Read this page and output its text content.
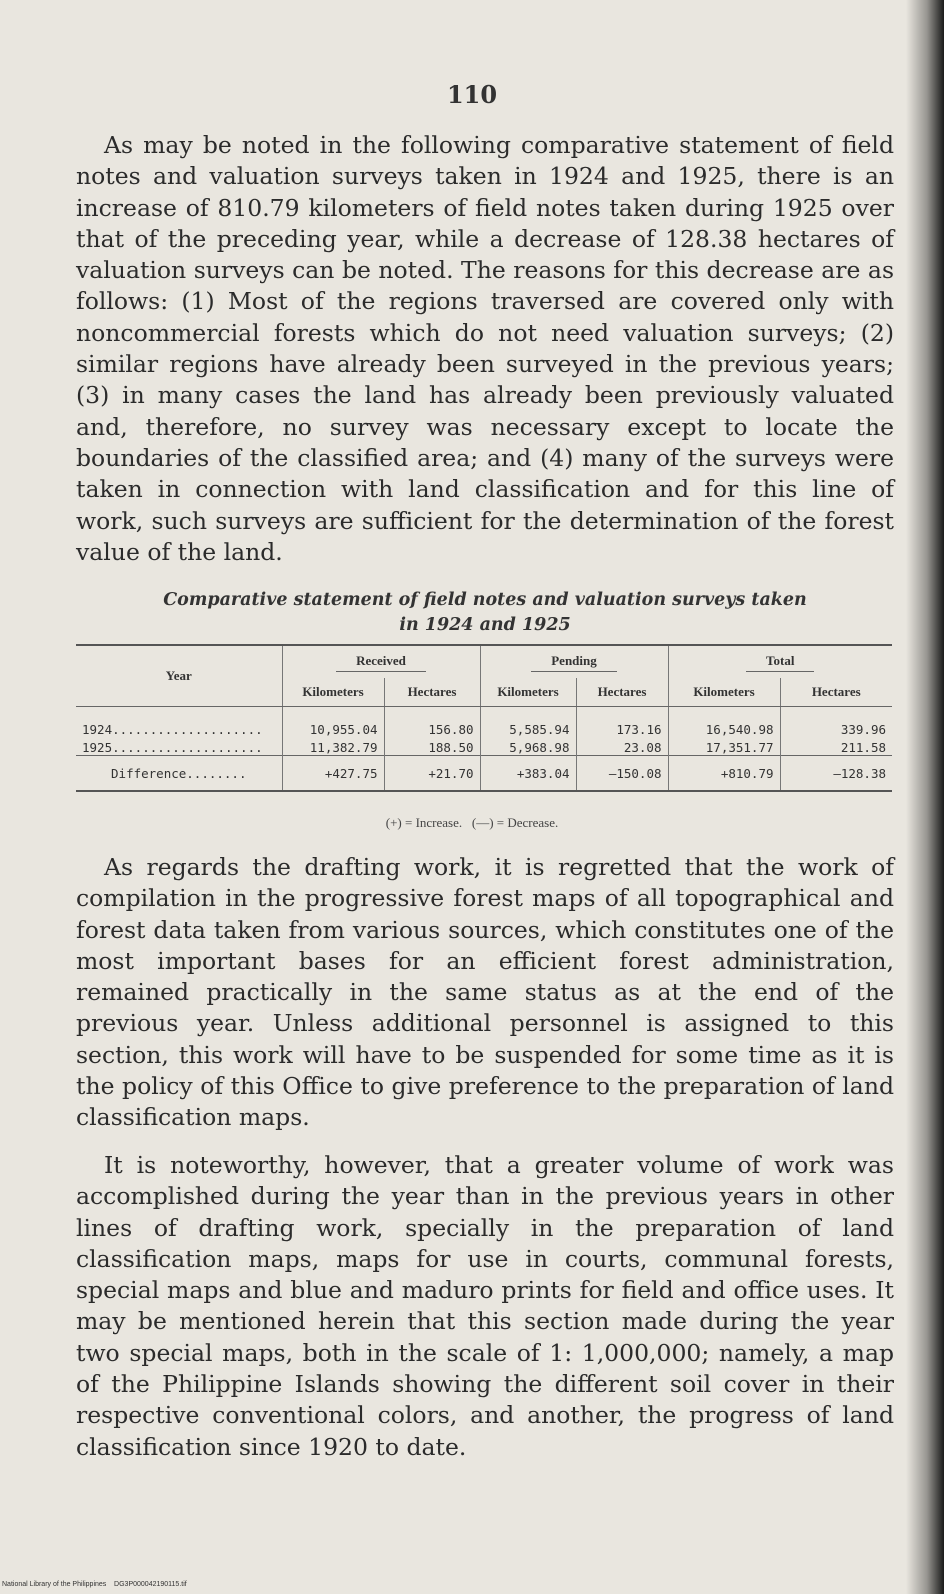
110

As may be noted in the following comparative statement of field notes and valuation surveys taken in 1924 and 1925, there is an increase of 810.79 kilometers of field notes taken during 1925 over that of the preceding year, while a decrease of 128.38 hectares of valuation surveys can be noted. The reasons for this decrease are as follows: (1) Most of the regions traversed are covered only with noncommercial forests which do not need valuation surveys; (2) similar regions have already been surveyed in the previous years; (3) in many cases the land has already been previously valuated and, therefore, no survey was necessary except to locate the boundaries of the classified area; and (4) many of the surveys were taken in connection with land classification and for this line of work, such surveys are sufficient for the determination of the forest value of the land.

Comparative statement of field notes and valuation surveys taken
in 1924 and 1925
Year	Received		Pending		Total	
	Kilometers	Hectares	Kilometers	Hectares	Kilometers	Hectares
1924....................	10,955.04	156.80	5,585.94	173.16	16,540.98	339.96
1925....................	11,382.79	188.50	5,968.98	23.08	17,351.77	211.58
Difference........	+427.75	+21.70	+383.04	—150.08	+810.79	—128.38
(+) = Increase.   (—) = Decrease.

As regards the drafting work, it is regretted that the work of compilation in the progressive forest maps of all topographical and forest data taken from various sources, which constitutes one of the most important bases for an efficient forest administration, remained practically in the same status as at the end of the previous year. Unless additional personnel is assigned to this section, this work will have to be suspended for some time as it is the policy of this Office to give preference to the preparation of land classification maps.

It is noteworthy, however, that a greater volume of work was accomplished during the year than in the previous years in other lines of drafting work, specially in the preparation of land classification maps, maps for use in courts, communal forests, special maps and blue and maduro prints for field and office uses. It may be mentioned herein that this section made during the year two special maps, both in the scale of 1: 1,000,000; namely, a map of the Philippine Islands showing the different soil cover in their respective conventional colors, and another, the progress of land classification since 1920 to date.

National Library of the Philippines    DG3P000042190115.tif
